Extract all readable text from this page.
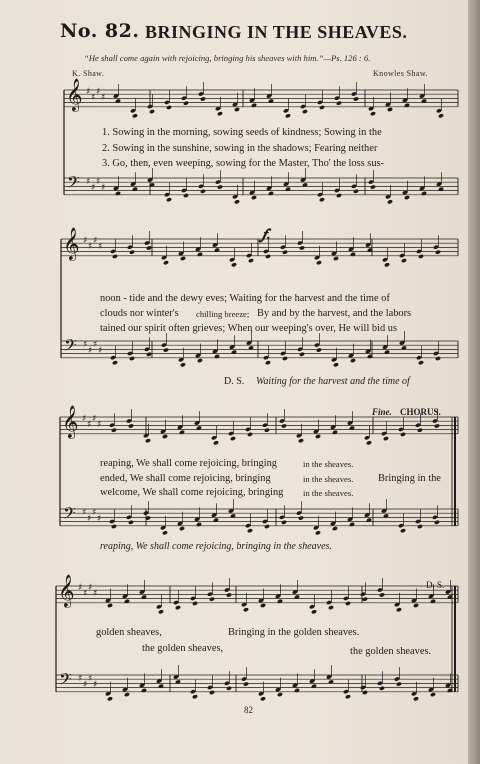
No. 82. BRINGING IN THE SHEAVES.
“He shall come again with rejoicing, bringing his sheaves with him.”—Ps. 126 : 6.
K. Shaw.	Knowles Shaw.
𝄞
𝄢
♯
♯
♯
♯
♯
♯
♯
♯
𝄞
𝄢
♯
♯
♯
♯
♯
♯
♯
♯
𝄞
𝄢
♯
♯
♯
♯
♯
♯
♯
♯
𝄞
𝄢
♯
♯
♯
♯
♯
♯
♯
♯
1. Sowing in the morning, sowing seeds of kindness; Sowing in the
2. Sowing in the sunshine, sowing in the shadows; Fearing neither
3. Go, then, even weeping, sowing for the Master, Tho' the loss sus-
𝆑.
noon - tide and the dewy eves; Waiting for the harvest and the time of
clouds nor winter's chilling breeze; By and by the harvest, and the labors
tained our spirit often grieves; When our weeping's over, He will bid us
D. S. Waiting for the harvest and the time of
Fine. CHORUS.
reaping, We shall come rejoicing, bringing	in the sheaves.
ended, We shall come rejoicing, bringing	in the sheaves. Bringing in the
welcome, We shall come rejoicing, bringing in the sheaves.
reaping, We shall come rejoicing, bringing in the sheaves.
D. S.
golden sheaves,	Bringing in the golden sheaves.
the golden sheaves,	the golden sheaves.
82
